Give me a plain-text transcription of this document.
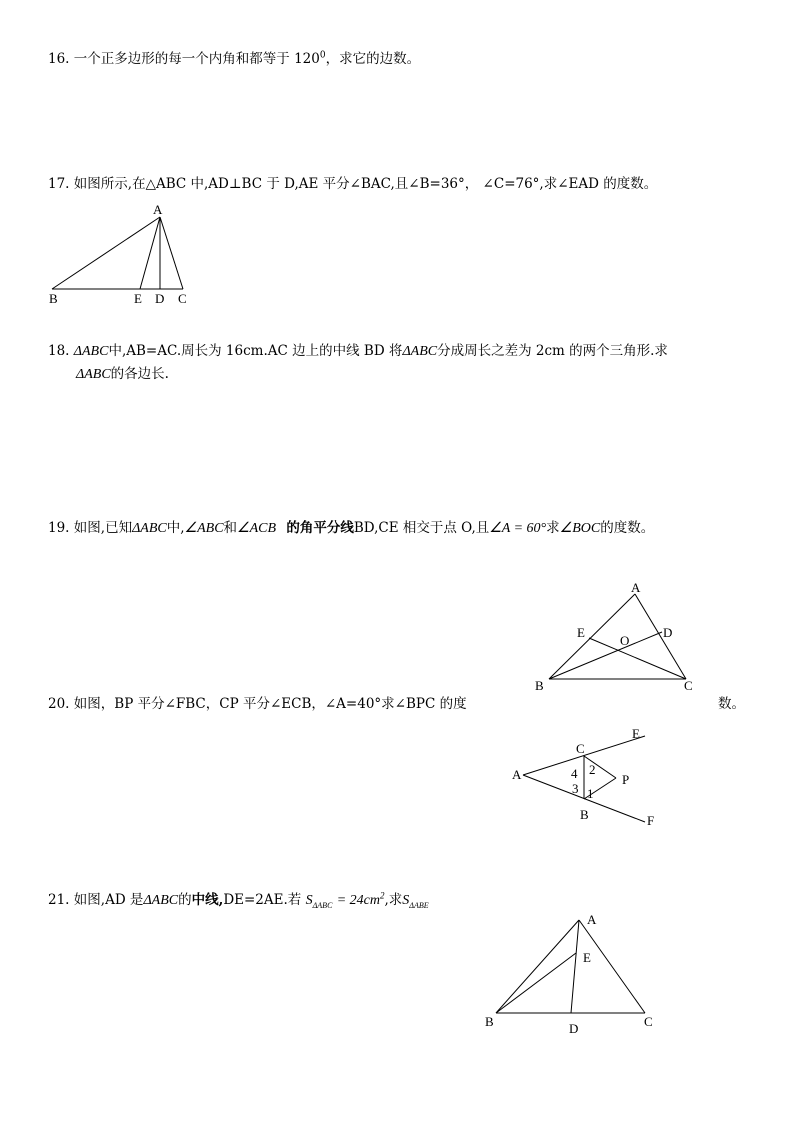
16. 一个正多边形的每一个内角和都等于 $120^0$，求它的边数。
17. 如图所示,在△ABC 中,AD⊥BC 于 D,AE 平分∠BAC,且∠B=36°， ∠C=76°,求∠EAD 的度数。
A
B	E D C
18. ΔABC中,AB=AC.周长为 16cm.AC 边上的中线 BD 将ΔABC分成周长之差为 2cm 的两个三角形.求
ΔABC的各边长.
19. 如图,已知ΔABC中,∠ABC和∠ACB 的角平分线BD,CE 相交于点 O,且∠A = 60°求∠BOC的度数。
A
E
O
D
B	C
20. 如图，BP 平分∠FBC，CP 平分∠ECB，∠A=40°求∠BPC 的度	数。
A
C
E
4 2
P
3 1
B	F
21. 如图,AD 是ΔABC的中线,DE=2AE.若 $S_{\Delta ABC} = 24cm^2$,求$S_{\Delta ABE}$
A
E
B	D	C
